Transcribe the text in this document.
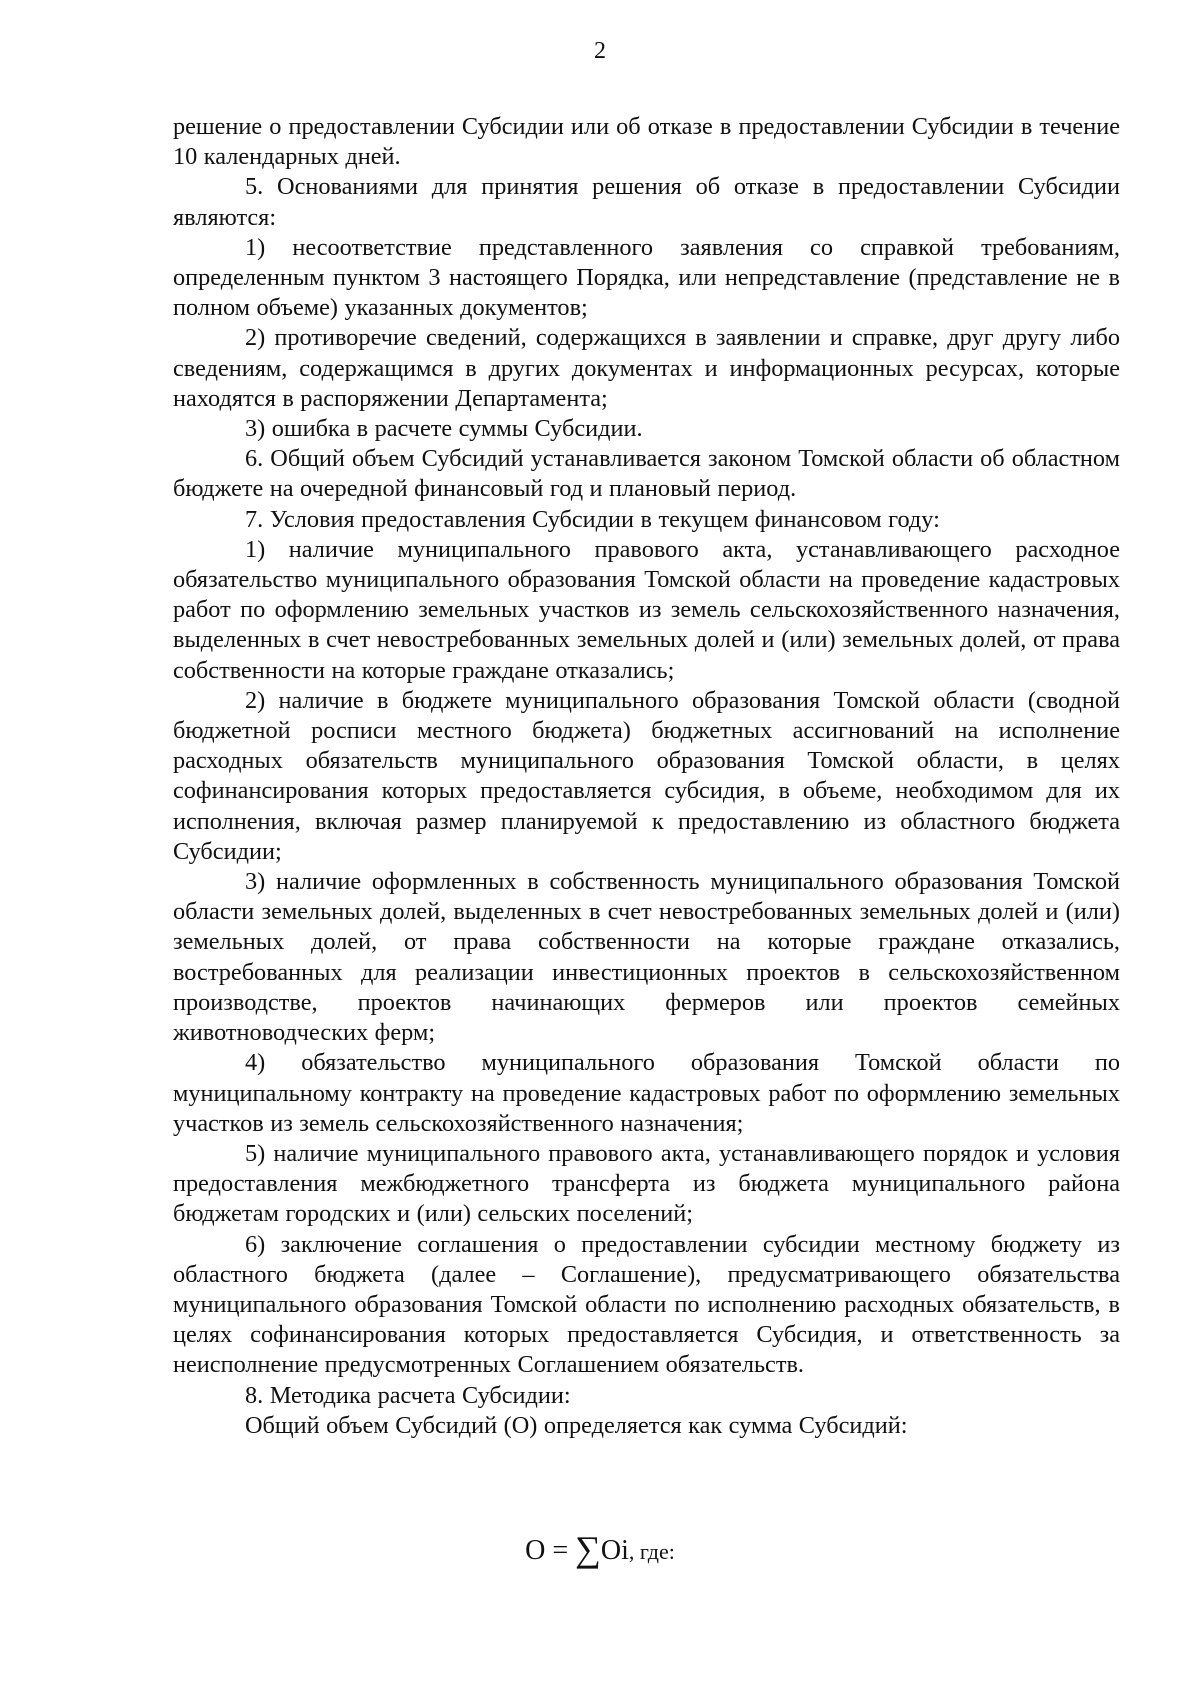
2

решение о предоставлении Субсидии или об отказе в предоставлении Субсидии в течение 10 календарных дней.

5. Основаниями для принятия решения об отказе в предоставлении Субсидии являются:

1) несоответствие представленного заявления со справкой требованиям, определенным пунктом 3 настоящего Порядка, или непредставление (представление не в полном объеме) указанных документов;

2) противоречие сведений, содержащихся в заявлении и справке, друг другу либо сведениям, содержащимся в других документах и информационных ресурсах, которые находятся в распоряжении Департамента;

3) ошибка в расчете суммы Субсидии.

6. Общий объем Субсидий устанавливается законом Томской области об областном бюджете на очередной финансовый год и плановый период.

7. Условия предоставления Субсидии в текущем финансовом году:

1) наличие муниципального правового акта, устанавливающего расходное обязательство муниципального образования Томской области на проведение кадастровых работ по оформлению земельных участков из земель сельскохозяйственного назначения, выделенных в счет невостребованных земельных долей и (или) земельных долей, от права собственности на которые граждане отказались;

2) наличие в бюджете муниципального образования Томской области (сводной бюджетной росписи местного бюджета) бюджетных ассигнований на исполнение расходных обязательств муниципального образования Томской области, в целях софинансирования которых предоставляется субсидия, в объеме, необходимом для их исполнения, включая размер планируемой к предоставлению из областного бюджета Субсидии;

3) наличие оформленных в собственность муниципального образования Томской области земельных долей, выделенных в счет невостребованных земельных долей и (или) земельных долей, от права собственности на которые граждане отказались, востребованных для реализации инвестиционных проектов в сельскохозяйственном производстве, проектов начинающих фермеров или проектов семейных животноводческих ферм;

4) обязательство муниципального образования Томской области по муниципальному контракту на проведение кадастровых работ по оформлению земельных участков из земель сельскохозяйственного назначения;

5) наличие муниципального правового акта, устанавливающего порядок и условия предоставления межбюджетного трансферта из бюджета муниципального района бюджетам городских и (или) сельских поселений;

6) заключение соглашения о предоставлении субсидии местному бюджету из областного бюджета (далее – Соглашение), предусматривающего обязательства муниципального образования Томской области по исполнению расходных обязательств, в целях софинансирования которых предоставляется Субсидия, и ответственность за неисполнение предусмотренных Соглашением обязательств.

8. Методика расчета Субсидии:

Общий объем Субсидий (О) определяется как сумма Субсидий:

О = ∑Oi, где:
